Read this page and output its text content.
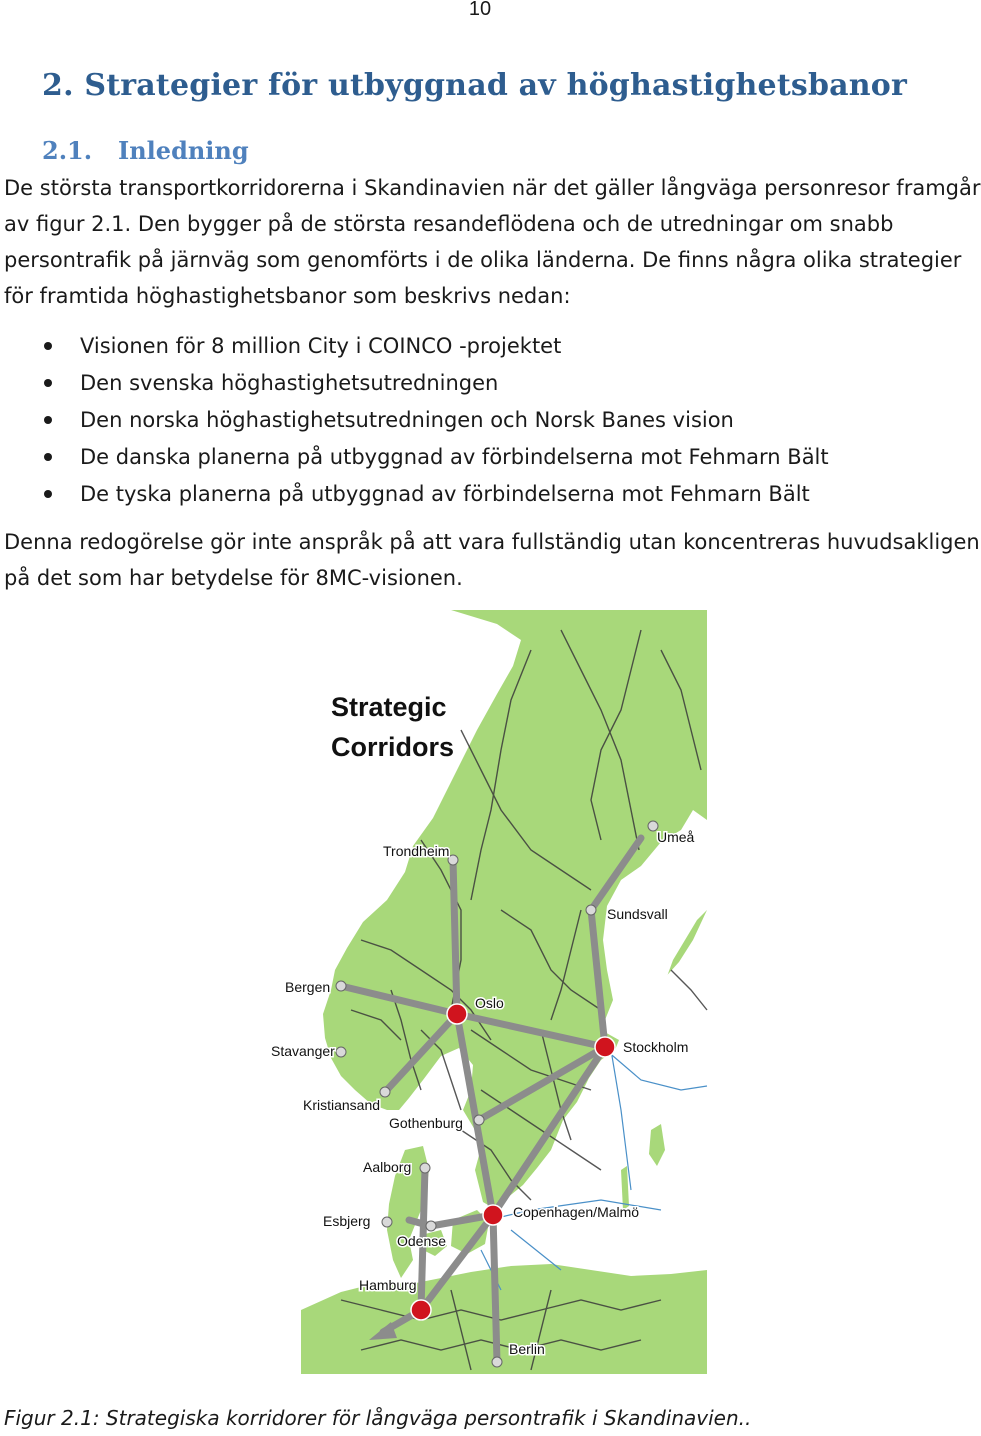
10
2. Strategier för utbyggnad av höghastighetsbanor
2.1. Inledning
De största transportkorridorerna i Skandinavien när det gäller långväga personresor framgår
av figur 2.1. Den bygger på de största resandeflödena och de utredningar om snabb
persontrafik på järnväg som genomförts i de olika länderna. De finns några olika strategier
för framtida höghastighetsbanor som beskrivs nedan:
Visionen för 8 million City i COINCO -projektet
Den svenska höghastighetsutredningen
Den norska höghastighetsutredningen och Norsk Banes vision
De danska planerna på utbyggnad av förbindelserna mot Fehmarn Bält
De tyska planerna på utbyggnad av förbindelserna mot Fehmarn Bält
Denna redogörelse gör inte anspråk på att vara fullständig utan koncentreras huvudsakligen
på det som har betydelse för 8MC-visionen.
Strategic
Corridors
Trondheim
Umeå
Sundsvall
Bergen
Oslo
Stockholm
Stavanger
Kristiansand
Gothenburg
Aalborg
Copenhagen/Malmö
Esbjerg
Odense
Hamburg
Berlin
Figur 2.1: Strategiska korridorer för långväga persontrafik i Skandinavien..
